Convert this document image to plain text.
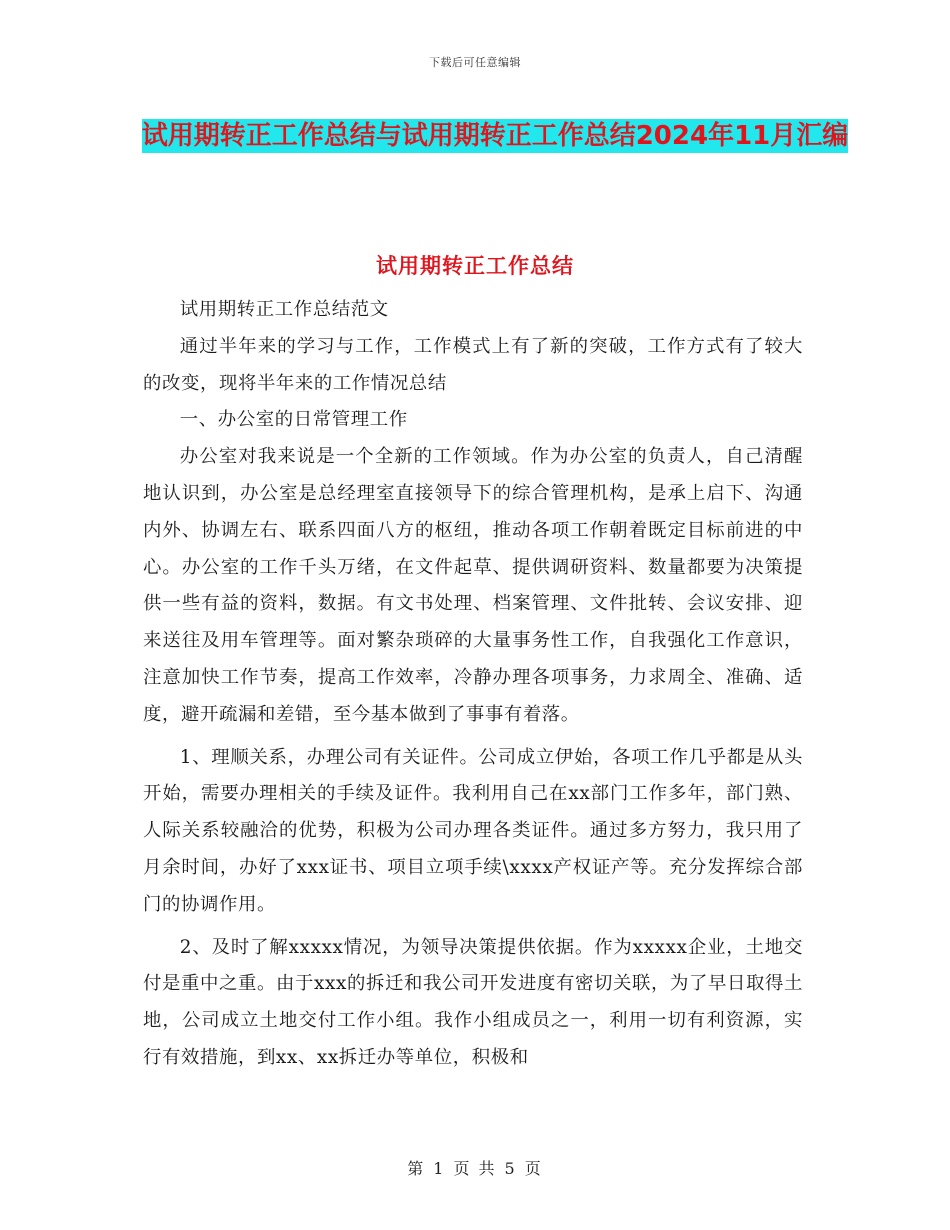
下载后可任意编辑
试用期转正工作总结与试用期转正工作总结2024年11月汇编
试用期转正工作总结

试用期转正工作总结范文

通过半年来的学习与工作，工作模式上有了新的突破，工作方式有了较大的改变，现将半年来的工作情况总结

一、办公室的日常管理工作

办公室对我来说是一个全新的工作领域。作为办公室的负责人，自己清醒地认识到，办公室是总经理室直接领导下的综合管理机构，是承上启下、沟通内外、协调左右、联系四面八方的枢纽，推动各项工作朝着既定目标前进的中心。办公室的工作千头万绪，在文件起草、提供调研资料、数量都要为决策提供一些有益的资料，数据。有文书处理、档案管理、文件批转、会议安排、迎来送往及用车管理等。面对繁杂琐碎的大量事务性工作，自我强化工作意识，注意加快工作节奏，提高工作效率，冷静办理各项事务，力求周全、准确、适度，避开疏漏和差错，至今基本做到了事事有着落。

1、理顺关系，办理公司有关证件。公司成立伊始，各项工作几乎都是从头开始，需要办理相关的手续及证件。我利用自己在xx部门工作多年，部门熟、人际关系较融洽的优势，积极为公司办理各类证件。通过多方努力，我只用了月余时间，办好了xxx证书、项目立项手续\xxxx产权证产等。充分发挥综合部门的协调作用。

2、及时了解xxxxx情况，为领导决策提供依据。作为xxxxx企业，土地交付是重中之重。由于xxx的拆迁和我公司开发进度有密切关联，为了早日取得土地，公司成立土地交付工作小组。我作小组成员之一，利用一切有利资源，实行有效措施，到xx、xx拆迁办等单位，积极和

第 1 页 共 5 页
